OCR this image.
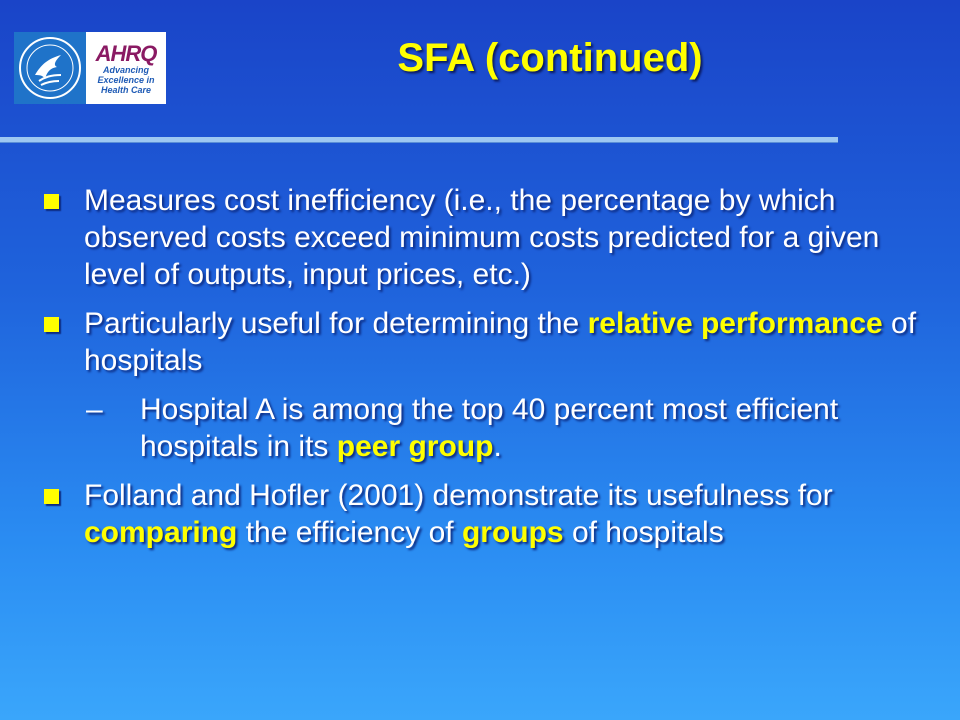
AHRQ
Advancing
Excellence in
Health Care
SFA (continued)
Measures cost inefficiency (i.e., the percentage by which observed costs exceed minimum costs predicted for a given level of outputs, input prices, etc.)
Particularly useful for determining the relative performance of hospitals
– Hospital A is among the top 40 percent most efficient hospitals in its peer group.
Folland and Hofler (2001) demonstrate its usefulness for comparing the efficiency of groups of hospitals
